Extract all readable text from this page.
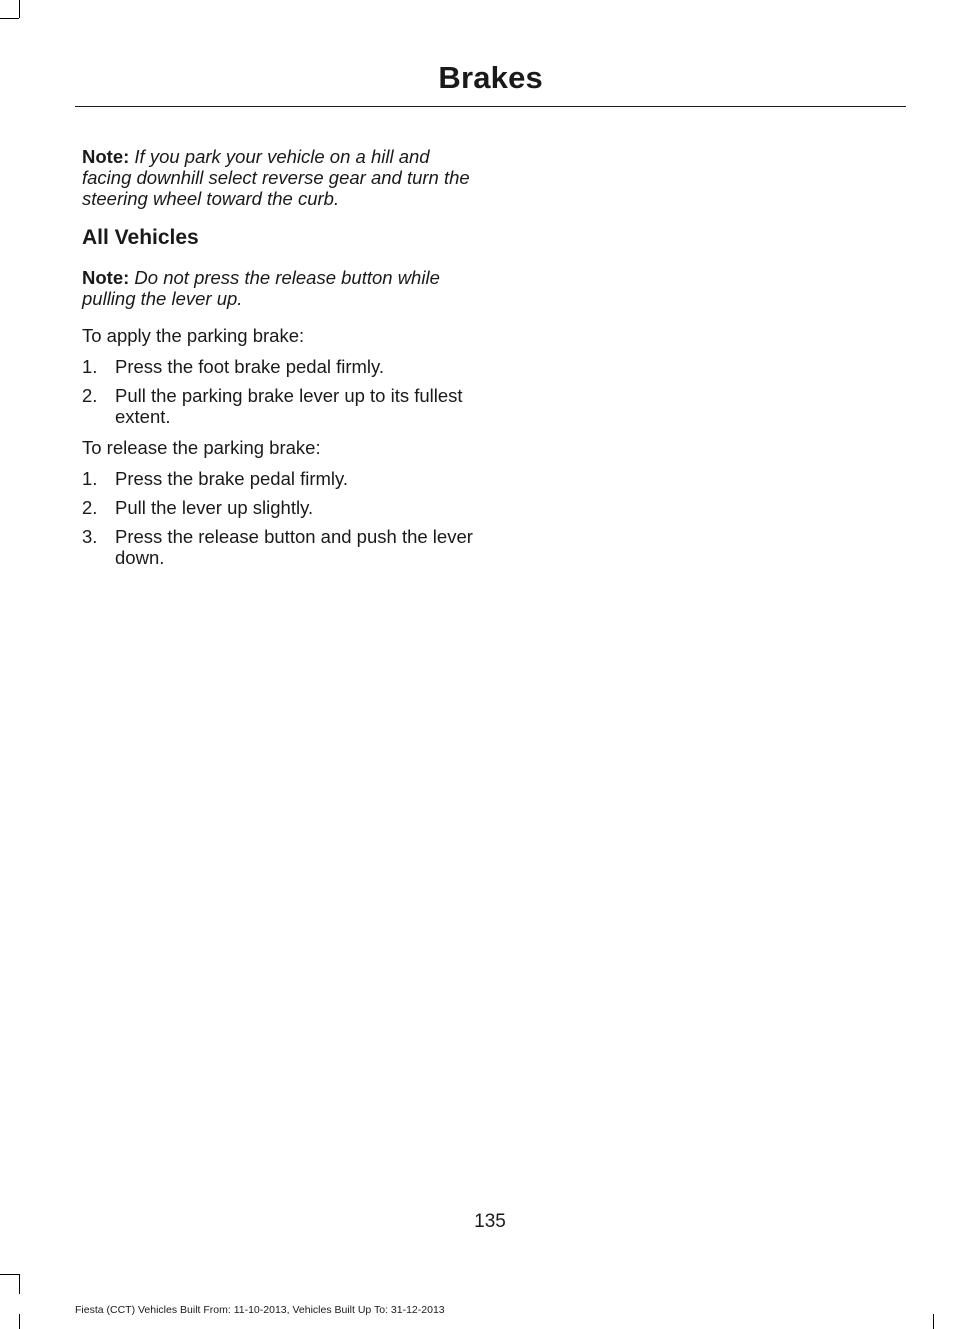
Brakes

Note: If you park your vehicle on a hill and facing downhill select reverse gear and turn the steering wheel toward the curb.

All Vehicles

Note: Do not press the release button while pulling the lever up.

To apply the parking brake:

1. Press the foot brake pedal firmly.
2. Pull the parking brake lever up to its fullest extent.

To release the parking brake:

1. Press the brake pedal firmly.
2. Pull the lever up slightly.
3. Press the release button and push the lever down.
135
Fiesta (CCT) Vehicles Built From: 11-10-2013, Vehicles Built Up To: 31-12-2013
